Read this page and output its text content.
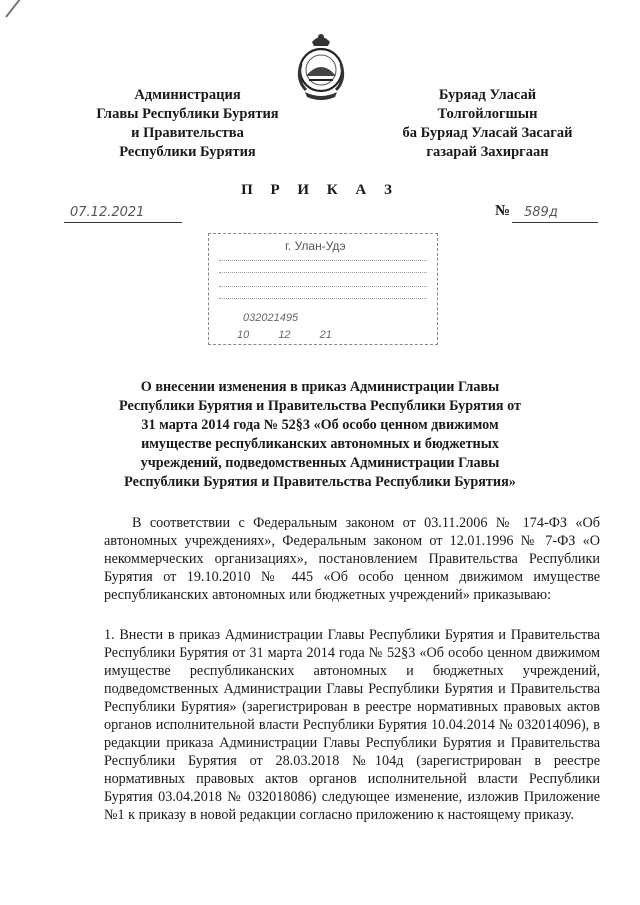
Администрация
Главы Республики Бурятия
и Правительства
Республики Бурятия
Буряад Уласай
Толгойлогшын
ба Буряад Уласай Засагай
газарай Захиргаан
П Р И К А З
07.12.2021	№	589д
г. Улан-Удэ
032021495
10	12	21
О внесении изменения в приказ Администрации Главы Республики Бурятия и Правительства Республики Бурятия от 31 марта 2014 года № 52§3 «Об особо ценном движимом имуществе республиканских автономных и бюджетных учреждений, подведомственных Администрации Главы Республики Бурятия и Правительства Республики Бурятия»
В соответствии с Федеральным законом от 03.11.2006 № 174-ФЗ «Об автономных учреждениях», Федеральным законом от 12.01.1996 № 7-ФЗ «О некоммерческих организациях», постановлением Правительства Республики Бурятия от 19.10.2010 № 445 «Об особо ценном движимом имуществе республиканских автономных или бюджетных учреждений» приказываю:
1. Внести в приказ Администрации Главы Республики Бурятия и Правительства Республики Бурятия от 31 марта 2014 года № 52§3 «Об особо ценном движимом имуществе республиканских автономных и бюджетных учреждений, подведомственных Администрации Главы Республики Бурятия и Правительства Республики Бурятия» (зарегистрирован в реестре нормативных правовых актов органов исполнительной власти Республики Бурятия 10.04.2014 № 032014096), в редакции приказа Администрации Главы Республики Бурятия и Правительства Республики Бурятия от 28.03.2018 №104д (зарегистрирован в реестре нормативных правовых актов органов исполнительной власти Республики Бурятия 03.04.2018 № 032018086) следующее изменение, изложив Приложение №1 к приказу в новой редакции согласно приложению к настоящему приказу.
